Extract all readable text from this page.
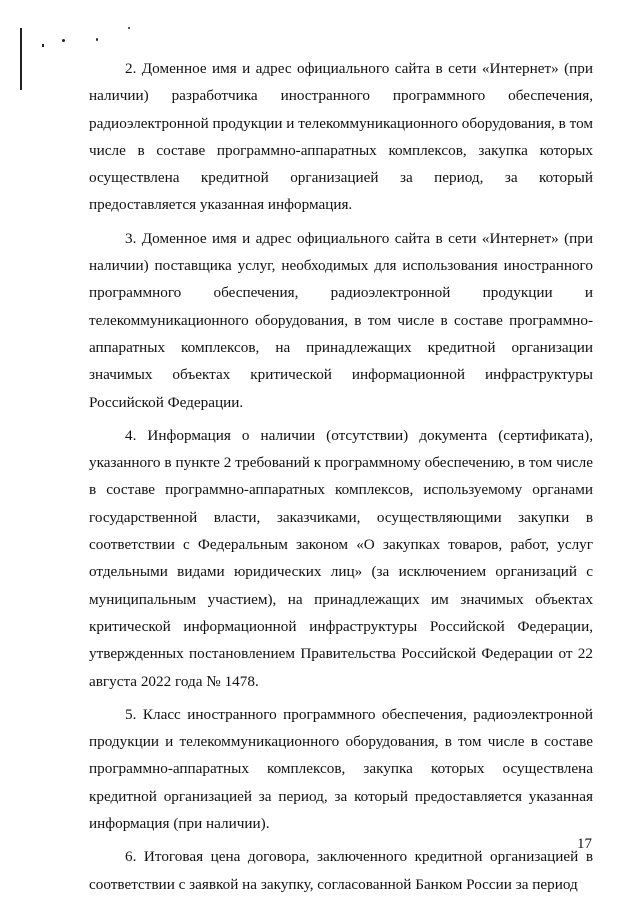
2. Доменное имя и адрес официального сайта в сети «Интернет» (при наличии) разработчика иностранного программного обеспечения, радиоэлектронной продукции и телекоммуникационного оборудования, в том числе в составе программно-аппаратных комплексов, закупка которых осуществлена кредитной организацией за период, за который предоставляется указанная информация.

3. Доменное имя и адрес официального сайта в сети «Интернет» (при наличии) поставщика услуг, необходимых для использования иностранного программного обеспечения, радиоэлектронной продукции и телекоммуникационного оборудования, в том числе в составе программно-аппаратных комплексов, на принадлежащих кредитной организации значимых объектах критической информационной инфраструктуры Российской Федерации.

4. Информация о наличии (отсутствии) документа (сертификата), указанного в пункте 2 требований к программному обеспечению, в том числе в составе программно-аппаратных комплексов, используемому органами государственной власти, заказчиками, осуществляющими закупки в соответствии с Федеральным законом «О закупках товаров, работ, услуг отдельными видами юридических лиц» (за исключением организаций с муниципальным участием), на принадлежащих им значимых объектах критической информационной инфраструктуры Российской Федерации, утвержденных постановлением Правительства Российской Федерации от 22 августа 2022 года № 1478.

5. Класс иностранного программного обеспечения, радиоэлектронной продукции и телекоммуникационного оборудования, в том числе в составе программно-аппаратных комплексов, закупка которых осуществлена кредитной организацией за период, за который предоставляется указанная информация (при наличии).

6. Итоговая цена договора, заключенного кредитной организацией в соответствии с заявкой на закупку, согласованной Банком России за период

17
